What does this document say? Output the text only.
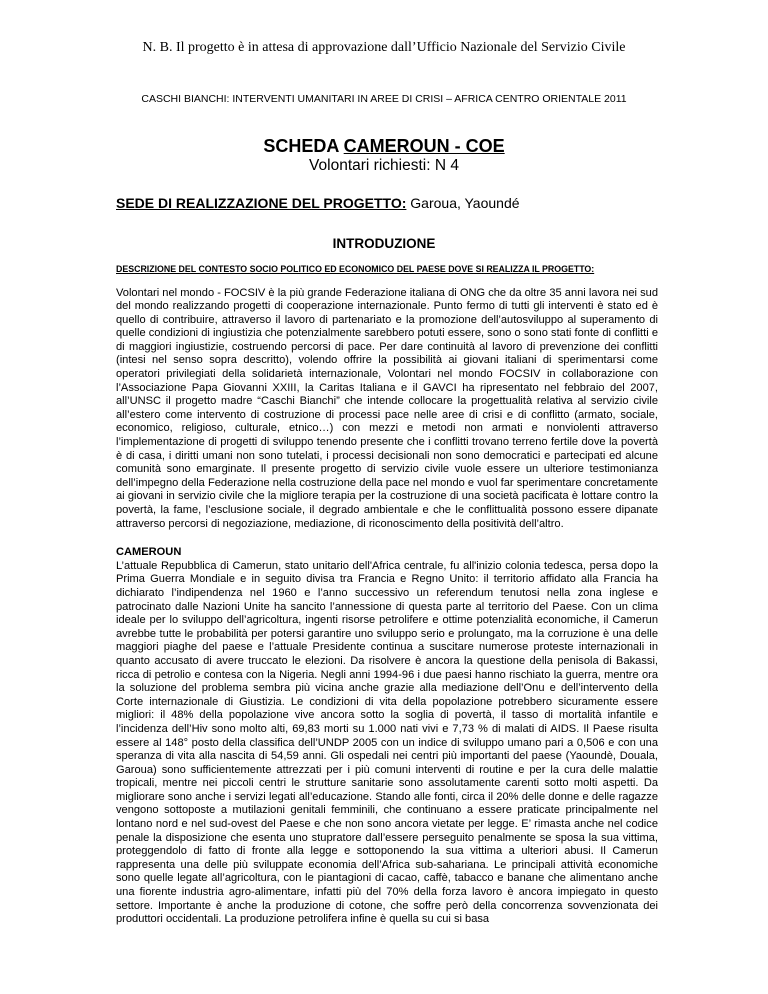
N. B. Il progetto è in attesa di approvazione dall’Ufficio Nazionale del Servizio Civile
CASCHI BIANCHI: INTERVENTI UMANITARI IN AREE DI CRISI – AFRICA CENTRO ORIENTALE 2011
SCHEDA CAMEROUN - COE
Volontari richiesti: N 4
SEDE DI REALIZZAZIONE DEL PROGETTO: Garoua, Yaoundé
INTRODUZIONE

DESCRIZIONE DEL CONTESTO SOCIO POLITICO ED ECONOMICO DEL PAESE DOVE SI REALIZZA IL PROGETTO:

Volontari nel mondo - FOCSIV è la più grande Federazione italiana di ONG che da oltre 35 anni lavora nei sud del mondo realizzando progetti di cooperazione internazionale. Punto fermo di tutti gli interventi è stato ed è quello di contribuire, attraverso il lavoro di partenariato e la promozione dell’autosviluppo al superamento di quelle condizioni di ingiustizia che potenzialmente sarebbero potuti essere, sono o sono stati fonte di conflitti e di maggiori ingiustizie, costruendo percorsi di pace. Per dare continuità al lavoro di prevenzione dei conflitti (intesi nel senso sopra descritto), volendo offrire la possibilità ai giovani italiani di sperimentarsi come operatori privilegiati della solidarietà internazionale, Volontari nel mondo FOCSIV in collaborazione con l’Associazione Papa Giovanni XXIII, la Caritas Italiana e il GAVCI ha ripresentato nel febbraio del 2007, all’UNSC il progetto madre “Caschi Bianchi” che intende collocare la progettualità relativa al servizio civile all’estero come intervento di costruzione di processi pace nelle aree di crisi e di conflitto (armato, sociale, economico, religioso, culturale, etnico…) con mezzi e metodi non armati e nonviolenti attraverso l’implementazione di progetti di sviluppo tenendo presente che i conflitti trovano terreno fertile dove la povertà è di casa, i diritti umani non sono tutelati, i processi decisionali non sono democratici e partecipati ed alcune comunità sono emarginate. Il presente progetto di servizio civile vuole essere un ulteriore testimonianza dell’impegno della Federazione nella costruzione della pace nel mondo e vuol far sperimentare concretamente ai giovani in servizio civile che la migliore terapia per la costruzione di una società pacificata è lottare contro la povertà, la fame, l’esclusione sociale, il degrado ambientale e che le conflittualità possono essere dipanate attraverso percorsi di negoziazione, mediazione, di riconoscimento della positività dell’altro.

CAMEROUN

L’attuale Repubblica di Camerun, stato unitario dell'Africa centrale, fu all'inizio colonia tedesca, persa dopo la Prima Guerra Mondiale e in seguito divisa tra Francia e Regno Unito: il territorio affidato alla Francia ha dichiarato l’indipendenza nel 1960 e l’anno successivo un referendum tenutosi nella zona inglese e patrocinato dalle Nazioni Unite ha sancito l’annessione di questa parte al territorio del Paese. Con un clima ideale per lo sviluppo dell’agricoltura, ingenti risorse petrolifere e ottime potenzialità economiche, il Camerun avrebbe tutte le probabilità per potersi garantire uno sviluppo serio e prolungato, ma la corruzione è una delle maggiori piaghe del paese e l’attuale Presidente continua a suscitare numerose proteste internazionali in quanto accusato di avere truccato le elezioni. Da risolvere è ancora la questione della penisola di Bakassi, ricca di petrolio e contesa con la Nigeria. Negli anni 1994-96 i due paesi hanno rischiato la guerra, mentre ora la soluzione del problema sembra più vicina anche grazie alla mediazione dell’Onu e dell’intervento della Corte internazionale di Giustizia. Le condizioni di vita della popolazione potrebbero sicuramente essere migliori: il 48% della popolazione vive ancora sotto la soglia di povertà, il tasso di mortalità infantile e l’incidenza dell’Hiv sono molto alti, 69,83 morti su 1.000 nati vivi e 7,73 % di malati di AIDS. Il Paese risulta essere al 148° posto della classifica dell’UNDP 2005 con un indice di sviluppo umano pari a 0,506 e con una speranza di vita alla nascita di 54,59 anni. Gli ospedali nei centri più importanti del paese (Yaoundè, Douala, Garoua) sono sufficientemente attrezzati per i più comuni interventi di routine e per la cura delle malattie tropicali, mentre nei piccoli centri le strutture sanitarie sono assolutamente carenti sotto molti aspetti. Da migliorare sono anche i servizi legati all’educazione. Stando alle fonti, circa il 20% delle donne e delle ragazze vengono sottoposte a mutilazioni genitali femminili, che continuano a essere praticate principalmente nel lontano nord e nel sud-ovest del Paese e che non sono ancora vietate per legge. E’ rimasta anche nel codice penale la disposizione che esenta uno stupratore dall’essere perseguito penalmente se sposa la sua vittima, proteggendolo di fatto di fronte alla legge e sottoponendo la sua vittima a ulteriori abusi. Il Camerun rappresenta una delle più sviluppate economia dell’Africa sub-sahariana. Le principali attività economiche sono quelle legate all’agricoltura, con le piantagioni di cacao, caffè, tabacco e banane che alimentano anche una fiorente industria agro-alimentare, infatti più del 70% della forza lavoro è ancora impiegato in questo settore. Importante è anche la produzione di cotone, che soffre però della concorrenza sovvenzionata dei produttori occidentali. La produzione petrolifera infine è quella su cui si basa
